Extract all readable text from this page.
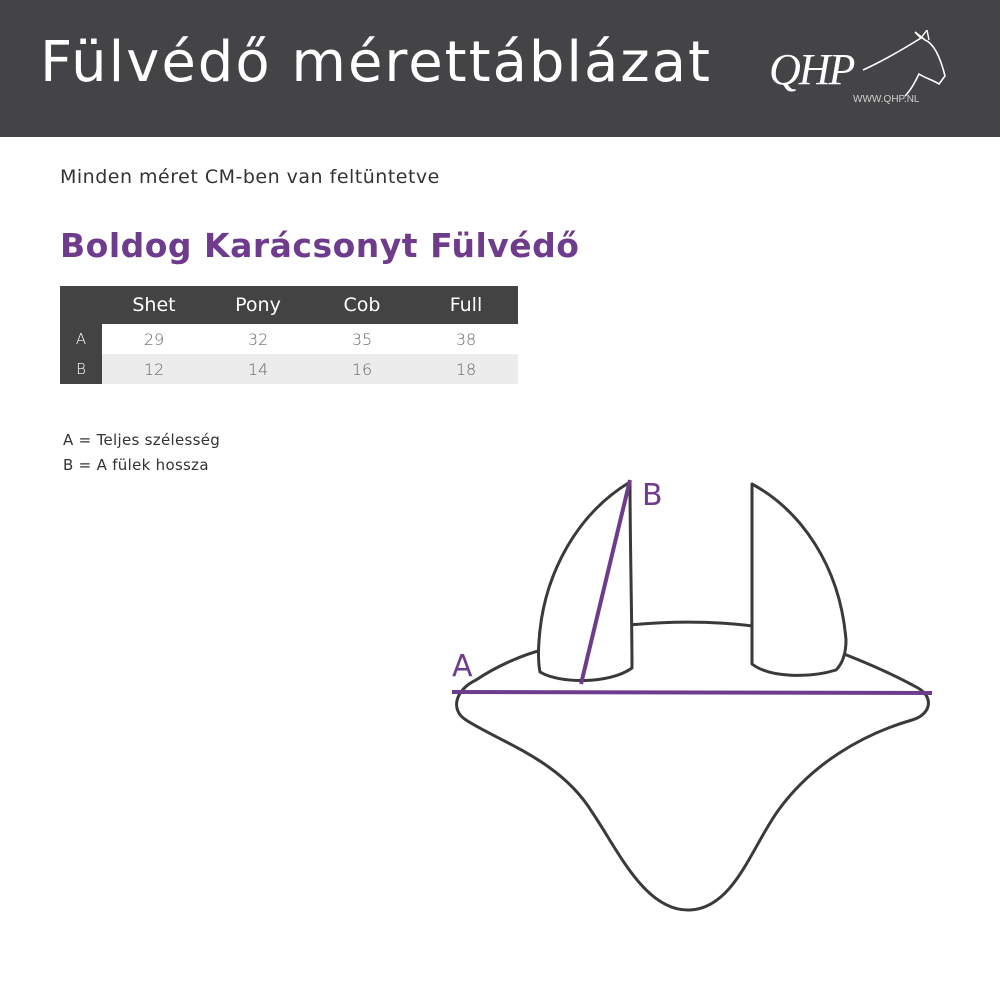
Fülvédő mérettáblázat QHP
WWW.QHP.NL
Minden méret CM-ben van feltüntetve
Boldog Karácsonyt Fülvédő
	Shet	Pony	Cob	Full
A	29	32	35	38
B	12	14	16	18
A = Teljes szélesség
B = A fülek hossza
B
A
